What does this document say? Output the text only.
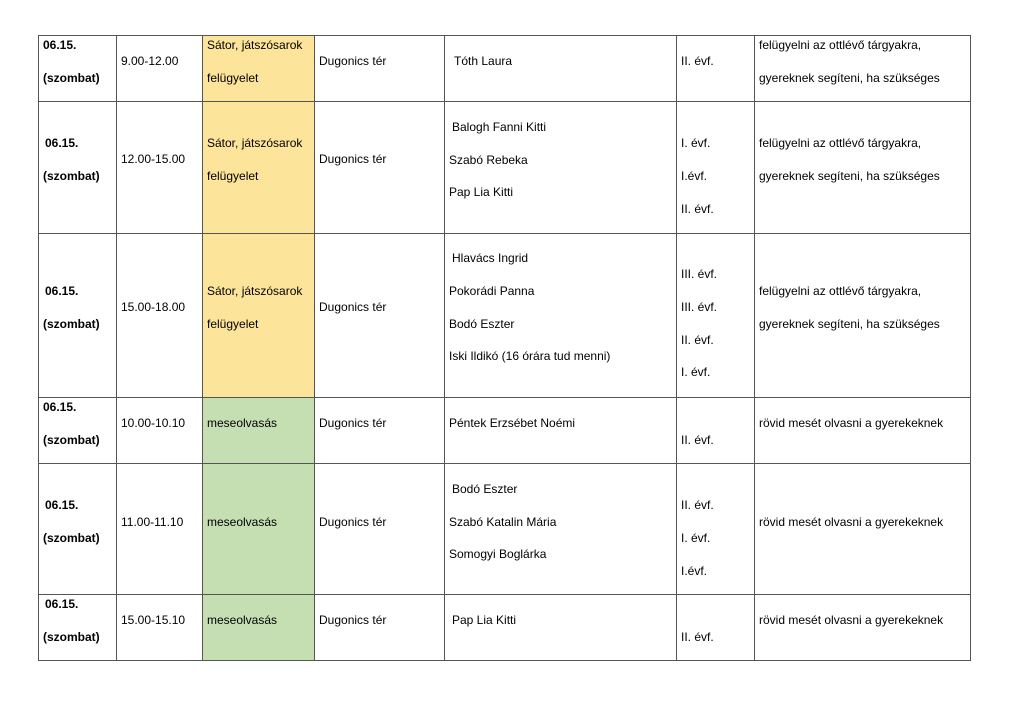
06.15.
(szombat)	9.00-12.00	Sátor, játszósarok
felügyelet	Dugonics tér	Tóth Laura	II. évf.	felügyelni az ottlévő tárgyakra,
gyereknek segíteni, ha szükséges

06.15.
(szombat)	12.00-15.00	Sátor, játszósarok
felügyelet	Dugonics tér	Balogh Fanni Kitti
Szabó Rebeka
Pap Lia Kitti	I. évf.
I.évf.
II. évf.	felügyelni az ottlévő tárgyakra,
gyereknek segíteni, ha szükséges

06.15.
(szombat)	15.00-18.00	Sátor, játszósarok
felügyelet	Dugonics tér	Hlavács Ingrid
Pokorádi Panna
Bodó Eszter
Iski Ildikó (16 órára tud menni)	III. évf.
III. évf.
II. évf.
I. évf.	felügyelni az ottlévő tárgyakra,
gyereknek segíteni, ha szükséges

06.15.
(szombat)	10.00-10.10	meseolvasás	Dugonics tér	Péntek Erzsébet Noémi	II. évf.	rövid mesét olvasni a gyerekeknek

06.15.
(szombat)	11.00-11.10	meseolvasás	Dugonics tér	Bodó Eszter
Szabó Katalin Mária
Somogyi Boglárka	II. évf.
I. évf.
I.évf.	rövid mesét olvasni a gyerekeknek

06.15.
(szombat)	15.00-15.10	meseolvasás	Dugonics tér	Pap Lia Kitti	II. évf.	rövid mesét olvasni a gyerekeknek
